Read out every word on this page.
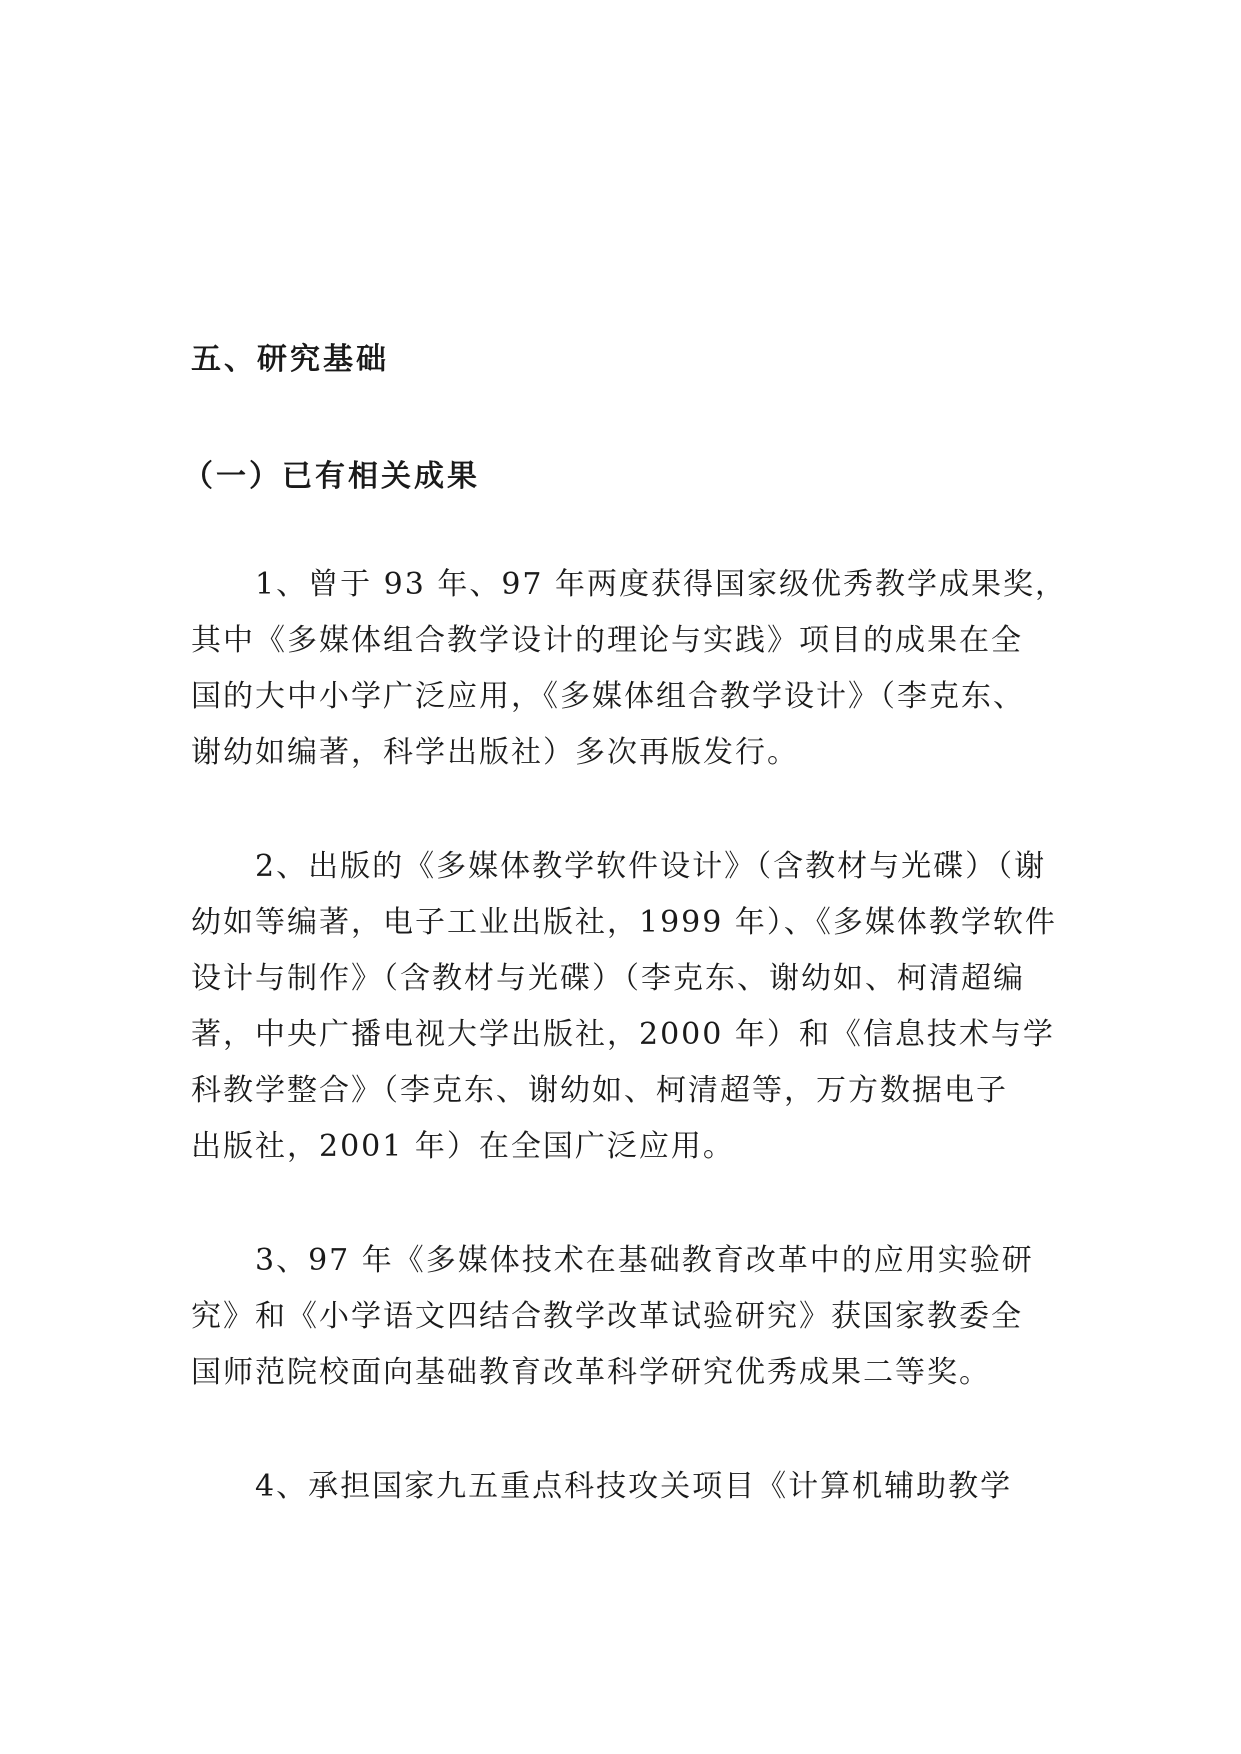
五、研究基础
（一）已有相关成果

1、曾于 93 年、97 年两度获得国家级优秀教学成果奖，
其中《多媒体组合教学设计的理论与实践》项目的成果在全
国的大中小学广泛应用，《多媒体组合教学设计》（李克东、
谢幼如编著，科学出版社）多次再版发行。

2、出版的《多媒体教学软件设计》（含教材与光碟）（谢
幼如等编著，电子工业出版社，1999 年）、《多媒体教学软件
设计与制作》（含教材与光碟）（李克东、谢幼如、柯清超编
著，中央广播电视大学出版社，2000 年）和《信息技术与学
科教学整合》（李克东、谢幼如、柯清超等，万方数据电子
出版社，2001 年）在全国广泛应用。

3、97 年《多媒体技术在基础教育改革中的应用实验研
究》和《小学语文四结合教学改革试验研究》获国家教委全
国师范院校面向基础教育改革科学研究优秀成果二等奖。

4、承担国家九五重点科技攻关项目《计算机辅助教学
